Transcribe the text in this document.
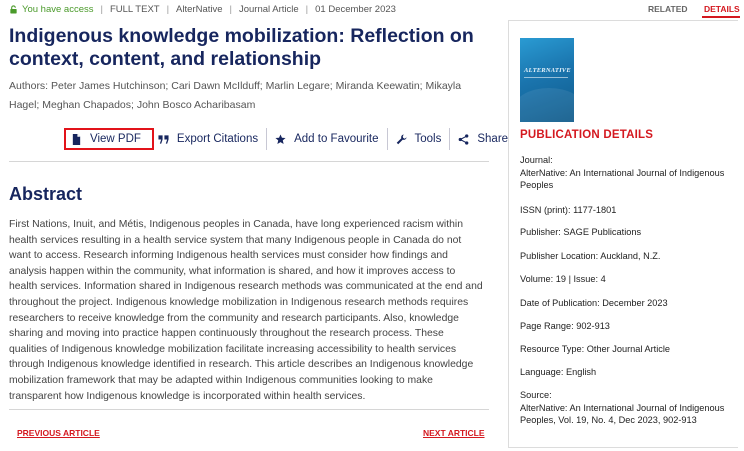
You have access | FULL TEXT | AlterNative | Journal Article | 01 December 2023
Indigenous knowledge mobilization: Reflection on context, content, and relationship
Authors: Peter James Hutchinson; Cari Dawn McIlduff; Marlin Legare; Miranda Keewatin; Mikayla Hagel; Meghan Chapados; John Bosco Acharibasam
View PDF	Export Citations	Add to Favourite	Tools	Share
Abstract

First Nations, Inuit, and Métis, Indigenous peoples in Canada, have long experienced racism within health services resulting in a health service system that many Indigenous people in Canada do not want to access. Research informing Indigenous health services must consider how findings and analysis happen within the community, what information is shared, and how it improves access to health services. Information shared in Indigenous research methods was communicated at the end and throughout the project. Indigenous knowledge mobilization in Indigenous research methods requires researchers to receive knowledge from the community and research participants. Also, knowledge sharing and moving into practice happen continuously throughout the research process. These qualities of Indigenous knowledge mobilization facilitate increasing accessibility to health services through Indigenous knowledge identified in research. This article describes an Indigenous knowledge mobilization framework that may be adapted within Indigenous communities looking to make transparent how Indigenous knowledge is incorporated within health services.

PREVIOUS ARTICLE	NEXT ARTICLE
RELATED DETAILS
ALTERNATIVE
PUBLICATION DETAILS
Journal:
AlterNative: An International Journal of Indigenous Peoples
ISSN (print): 1177-1801
Publisher: SAGE Publications
Publisher Location: Auckland, N.Z.
Volume: 19 | Issue: 4
Date of Publication: December 2023
Page Range: 902-913
Resource Type: Other Journal Article
Language: English
Source:
AlterNative: An International Journal of Indigenous Peoples, Vol. 19, No. 4, Dec 2023, 902-913
